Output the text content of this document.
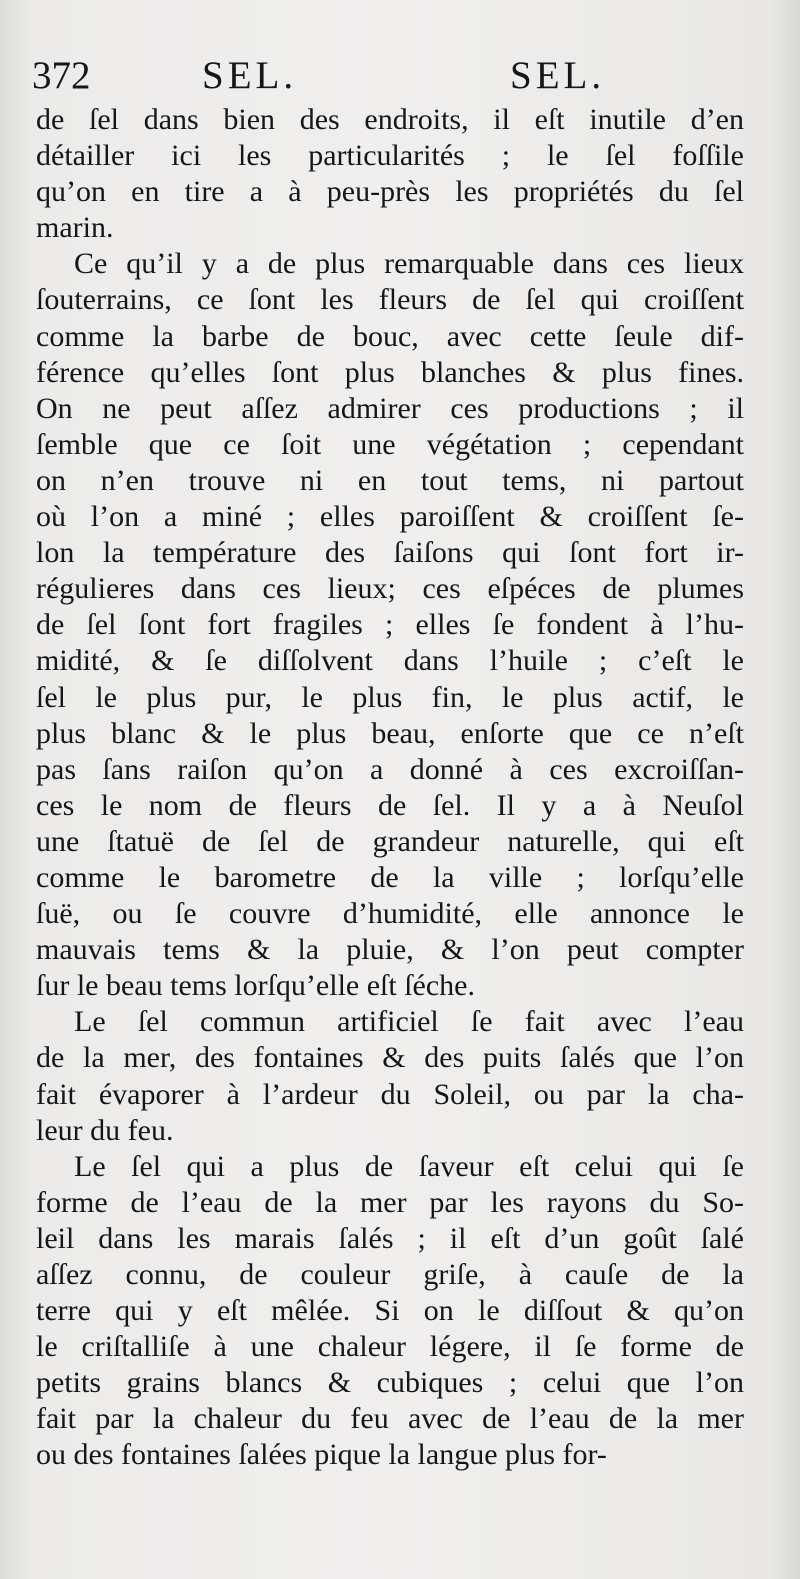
372	SEL.	SEL.
de ſel dans bien des endroits, il eſt inutile d’en
détailler ici les particularités ; le ſel foſſile
qu’on en tire a à peu-près les propriétés du ſel
marin.
Ce qu’il y a de plus remarquable dans ces lieux
ſouterrains, ce ſont les fleurs de ſel qui croiſſent
comme la barbe de bouc, avec cette ſeule dif-
férence qu’elles ſont plus blanches & plus fines.
On ne peut aſſez admirer ces productions ; il
ſemble que ce ſoit une végétation ; cependant
on n’en trouve ni en tout tems, ni partout
où l’on a miné ; elles paroiſſent & croiſſent ſe-
lon la température des ſaiſons qui ſont fort ir-
régulieres dans ces lieux; ces eſpéces de plumes
de ſel ſont fort fragiles ; elles ſe fondent à l’hu-
midité, & ſe diſſolvent dans l’huile ; c’eſt le
ſel le plus pur, le plus fin, le plus actif, le
plus blanc & le plus beau, enſorte que ce n’eſt
pas ſans raiſon qu’on a donné à ces excroiſſan-
ces le nom de fleurs de ſel. Il y a à Neuſol
une ſtatuë de ſel de grandeur naturelle, qui eſt
comme le barometre de la ville ; lorſqu’elle
ſuë, ou ſe couvre d’humidité, elle annonce le
mauvais tems & la pluie, & l’on peut compter
ſur le beau tems lorſqu’elle eſt ſéche.
Le ſel commun artificiel ſe fait avec l’eau
de la mer, des fontaines & des puits ſalés que l’on
fait évaporer à l’ardeur du Soleil, ou par la cha-
leur du feu.
Le ſel qui a plus de ſaveur eſt celui qui ſe
forme de l’eau de la mer par les rayons du So-
leil dans les marais ſalés ; il eſt d’un goût ſalé
aſſez connu, de couleur griſe, à cauſe de la
terre qui y eſt mêlée. Si on le diſſout & qu’on
le criſtalliſe à une chaleur légere, il ſe forme de
petits grains blancs & cubiques ; celui que l’on
fait par la chaleur du feu avec de l’eau de la mer
ou des fontaines ſalées pique la langue plus for-
